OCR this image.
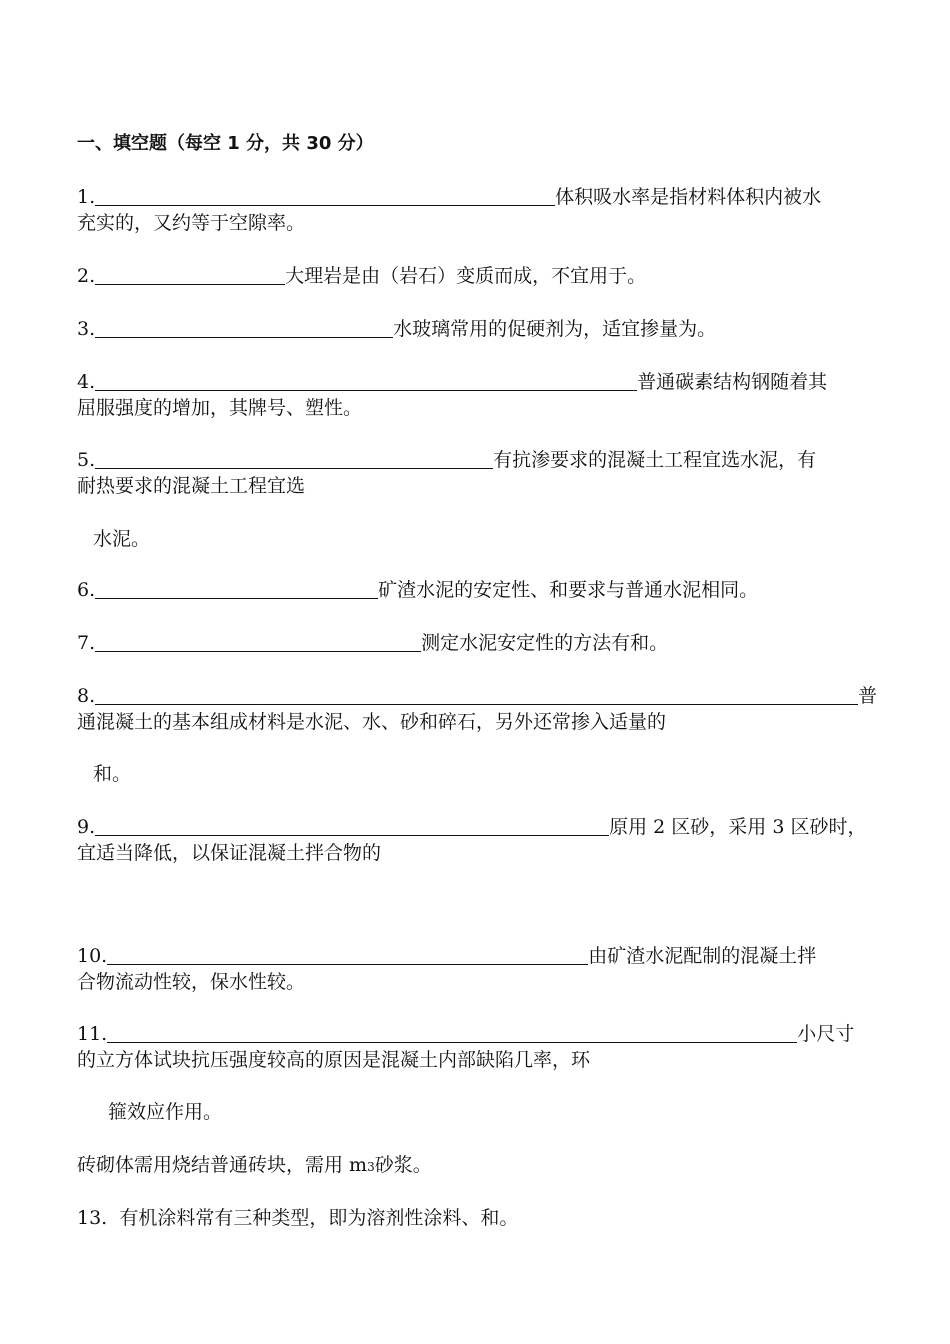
一、填空题（每空 1 分，共 30 分）
1.	体积吸水率是指材料体积内被水
充实的，又约等于空隙率。
2.	大理岩是由（岩石）变质而成，不宜用于。
3.	水玻璃常用的促硬剂为，适宜掺量为。
4.	普通碳素结构钢随着其
屈服强度的增加，其牌号、塑性。
5.	有抗渗要求的混凝土工程宜选水泥，有
耐热要求的混凝土工程宜选
水泥。
6.	矿渣水泥的安定性、和要求与普通水泥相同。
7.	测定水泥安定性的方法有和。
8.	普
通混凝土的基本组成材料是水泥、水、砂和碎石，另外还常掺入适量的
和。
9.	原用 2 区砂，采用 3 区砂时，
宜适当降低，以保证混凝土拌合物的
10.	由矿渣水泥配制的混凝土拌
合物流动性较，保水性较。
11.	小尺寸
的立方体试块抗压强度较高的原因是混凝土内部缺陷几率，环
箍效应作用。
砖砌体需用烧结普通砖块，需用 m3砂浆。
13. 有机涂料常有三种类型，即为溶剂性涂料、和。
